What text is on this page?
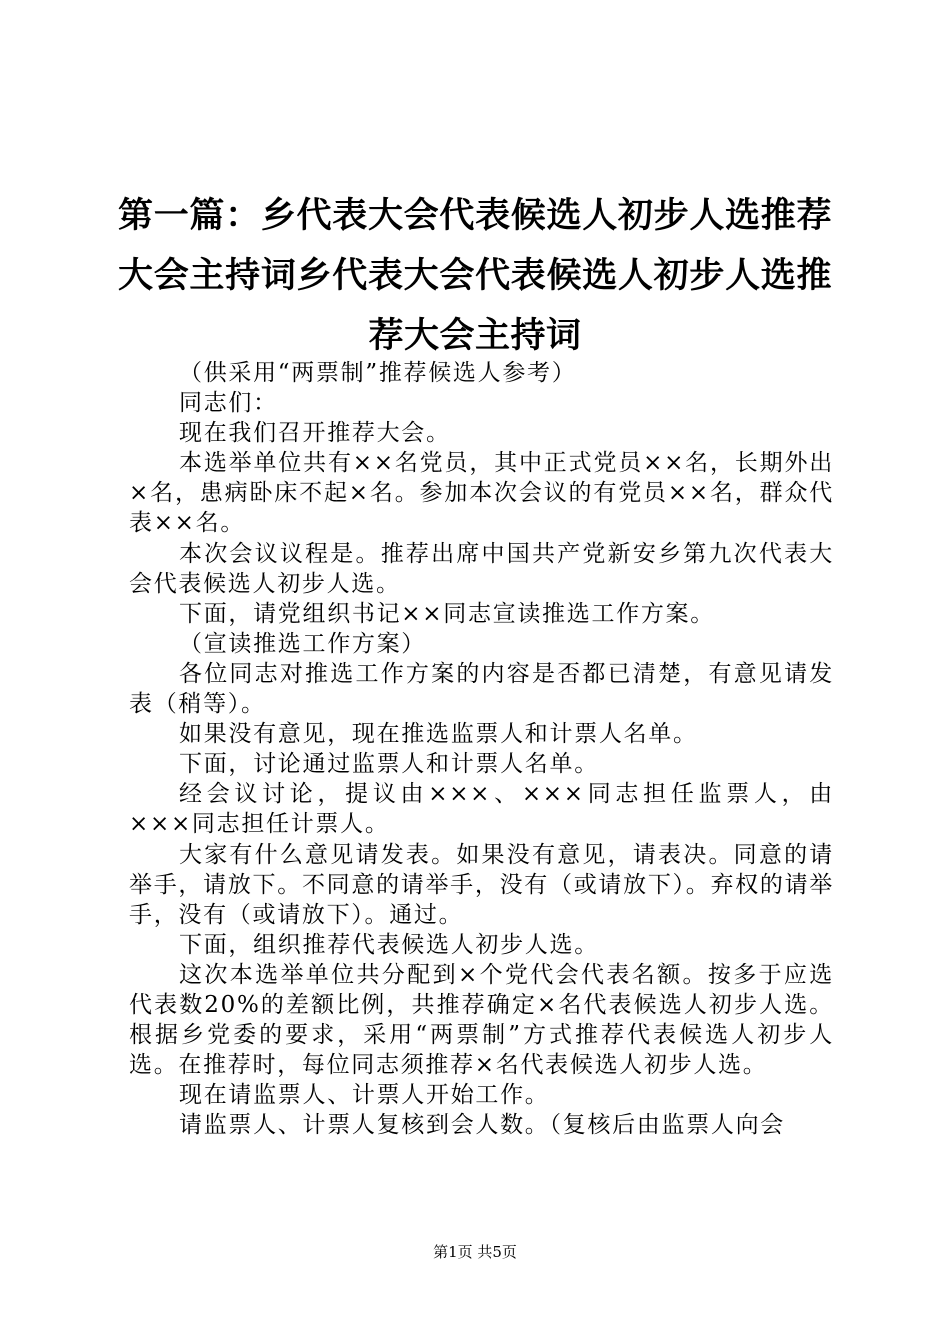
第一篇：乡代表大会代表候选人初步人选推荐大会主持词乡代表大会代表候选人初步人选推荐大会主持词

（供采用“两票制”推荐候选人参考）

同志们：

现在我们召开推荐大会。

本选举单位共有××名党员，其中正式党员××名，长期外出×名，患病卧床不起×名。参加本次会议的有党员××名，群众代表××名。

本次会议议程是。推荐出席中国共产党新安乡第九次代表大会代表候选人初步人选。

下面，请党组织书记××同志宣读推选工作方案。

（宣读推选工作方案）

各位同志对推选工作方案的内容是否都已清楚，有意见请发表（稍等）。

如果没有意见，现在推选监票人和计票人名单。

下面，讨论通过监票人和计票人名单。

经会议讨论，提议由×××、×××同志担任监票人，由×××同志担任计票人。

大家有什么意见请发表。如果没有意见，请表决。同意的请举手，请放下。不同意的请举手，没有（或请放下）。弃权的请举手，没有（或请放下）。通过。

下面，组织推荐代表候选人初步人选。

这次本选举单位共分配到×个党代会代表名额。按多于应选代表数20%的差额比例，共推荐确定×名代表候选人初步人选。根据乡党委的要求，采用“两票制”方式推荐代表候选人初步人选。在推荐时，每位同志须推荐×名代表候选人初步人选。

现在请监票人、计票人开始工作。

请监票人、计票人复核到会人数。（复核后由监票人向会

第1页 共5页
